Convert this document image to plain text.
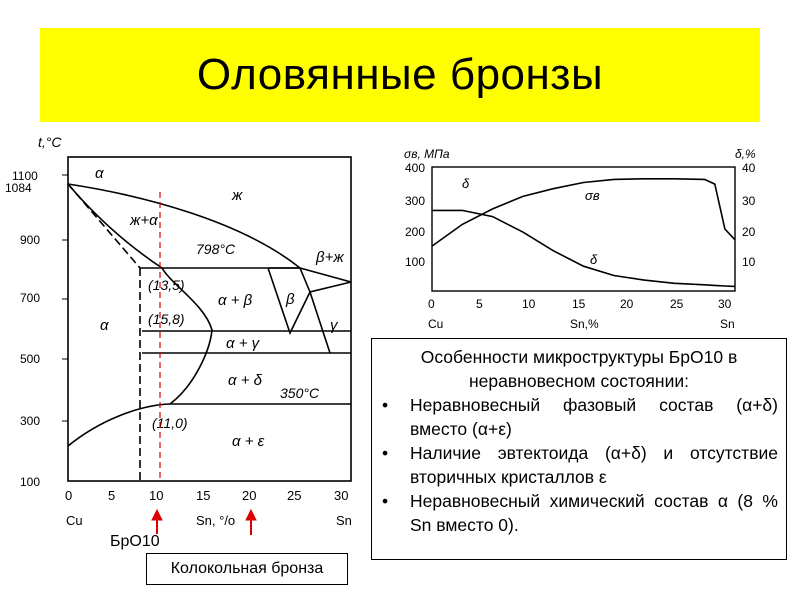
Оловянные бронзы
t,°C
1100
1084
900
700
500
300
100
0	5	10	15 20 25	30
Cu	Sn, °/o	Sn
α
ж
ж+α
α
α + β β
β+ж
γ
α + γ
α + δ
α + ε
798°C
350°C
(13,5)
(15,8)
(11,0)
БрО10
Колокольная бронза
σв, МПа	δ,%
400
300
200
100
40
30
20
10
0	5	10	15	20	25	30
Cu	Sn,%	Sn
δ
σв
δ
Особенности микроструктуры БрО10 в неравновесном состоянии:
• Неравновесный фазовый состав (α+δ) вместо (α+ε)
• Наличие эвтектоида (α+δ) и отсутствие вторичных кристаллов ε
• Неравновесный химический состав α (8 % Sn вместо 0).
